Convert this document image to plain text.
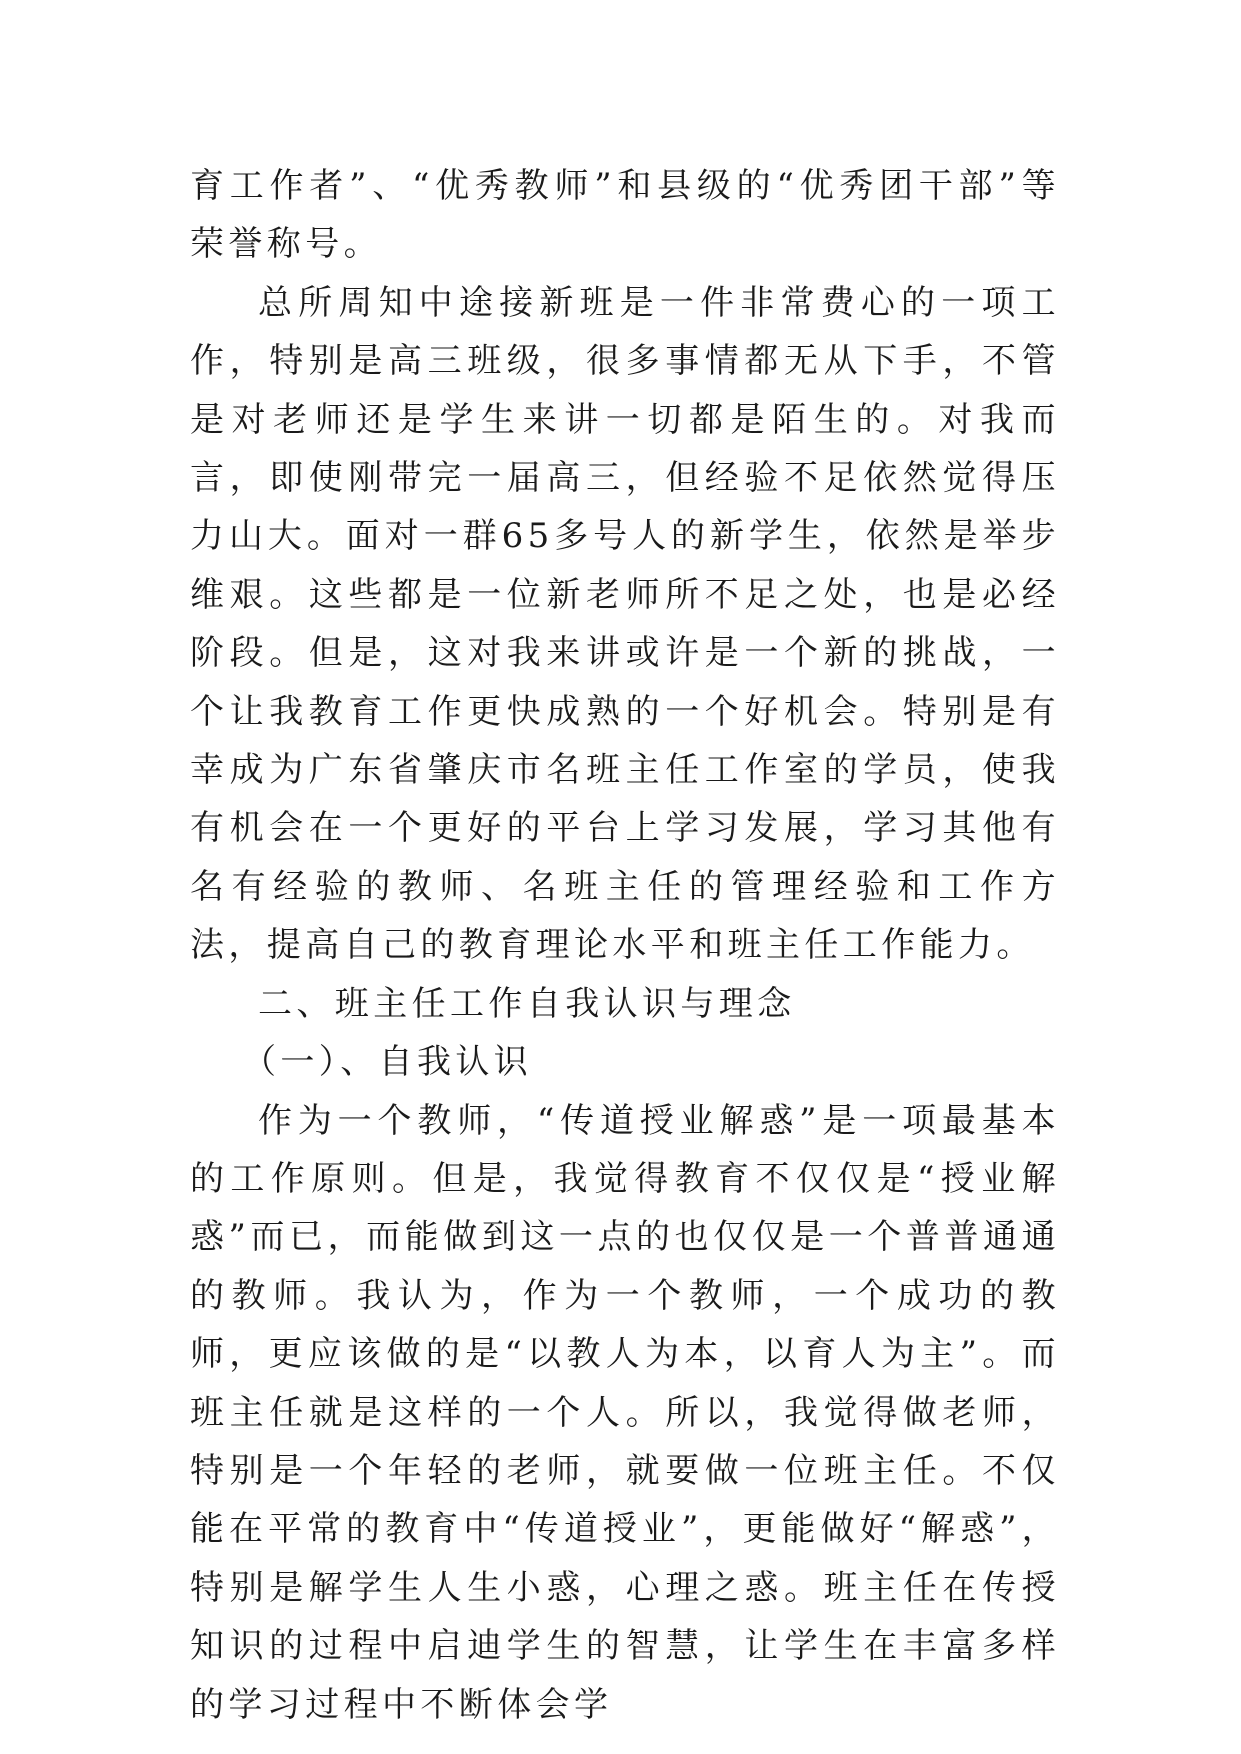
育工作者”、“优秀教师”和县级的“优秀团干部”等荣誉称号。

总所周知中途接新班是一件非常费心的一项工作，特别是高三班级，很多事情都无从下手，不管是对老师还是学生来讲一切都是陌生的。对我而言，即使刚带完一届高三，但经验不足依然觉得压力山大。面对一群65多号人的新学生，依然是举步维艰。这些都是一位新老师所不足之处，也是必经阶段。但是，这对我来讲或许是一个新的挑战，一个让我教育工作更快成熟的一个好机会。特别是有幸成为广东省肇庆市名班主任工作室的学员，使我有机会在一个更好的平台上学习发展，学习其他有名有经验的教师、名班主任的管理经验和工作方法，提高自己的教育理论水平和班主任工作能力。

二、班主任工作自我认识与理念

（一）、自我认识

作为一个教师，“传道授业解惑”是一项最基本的工作原则。但是，我觉得教育不仅仅是“授业解惑”而已，而能做到这一点的也仅仅是一个普普通通的教师。我认为，作为一个教师，一个成功的教师，更应该做的是“以教人为本，以育人为主”。而班主任就是这样的一个人。所以，我觉得做老师，特别是一个年轻的老师，就要做一位班主任。不仅能在平常的教育中“传道授业”，更能做好“解惑”，特别是解学生人生小惑，心理之惑。班主任在传授知识的过程中启迪学生的智慧，让学生在丰富多样的学习过程中不断体会学
